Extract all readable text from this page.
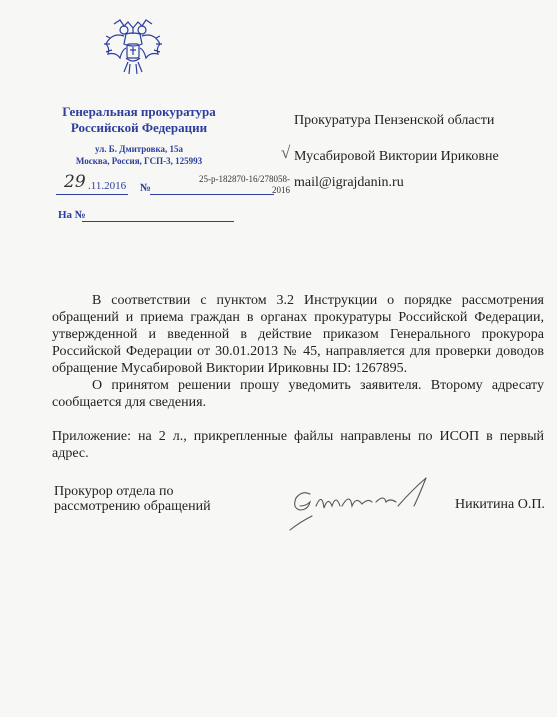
Генеральная прокуратура
Российской Федерации
ул. Б. Дмитровка, 15а
Москва, Россия, ГСП-3, 125993
29 .11.2016 №
25-р-182870-16/278058-
2016
На №
Прокуратура Пензенской области
√ Мусабировой Виктории Ириковне
mail@igrajdanin.ru

В соответствии с пунктом 3.2 Инструкции о порядке рассмотрения обращений и приема граждан в органах прокуратуры Российской Федерации, утвержденной и введенной в действие приказом Генерального прокурора Российской Федерации от 30.01.2013 № 45, направляется для проверки доводов обращение Мусабировой Виктории Ириковны ID: 1267895.

О принятом решении прошу уведомить заявителя. Второму адресату сообщается для сведения.

Приложение: на 2 л., прикрепленные файлы направлены по ИСОП в первый адрес.

Прокурор отдела по
рассмотрению обращений	Никитина О.П.
